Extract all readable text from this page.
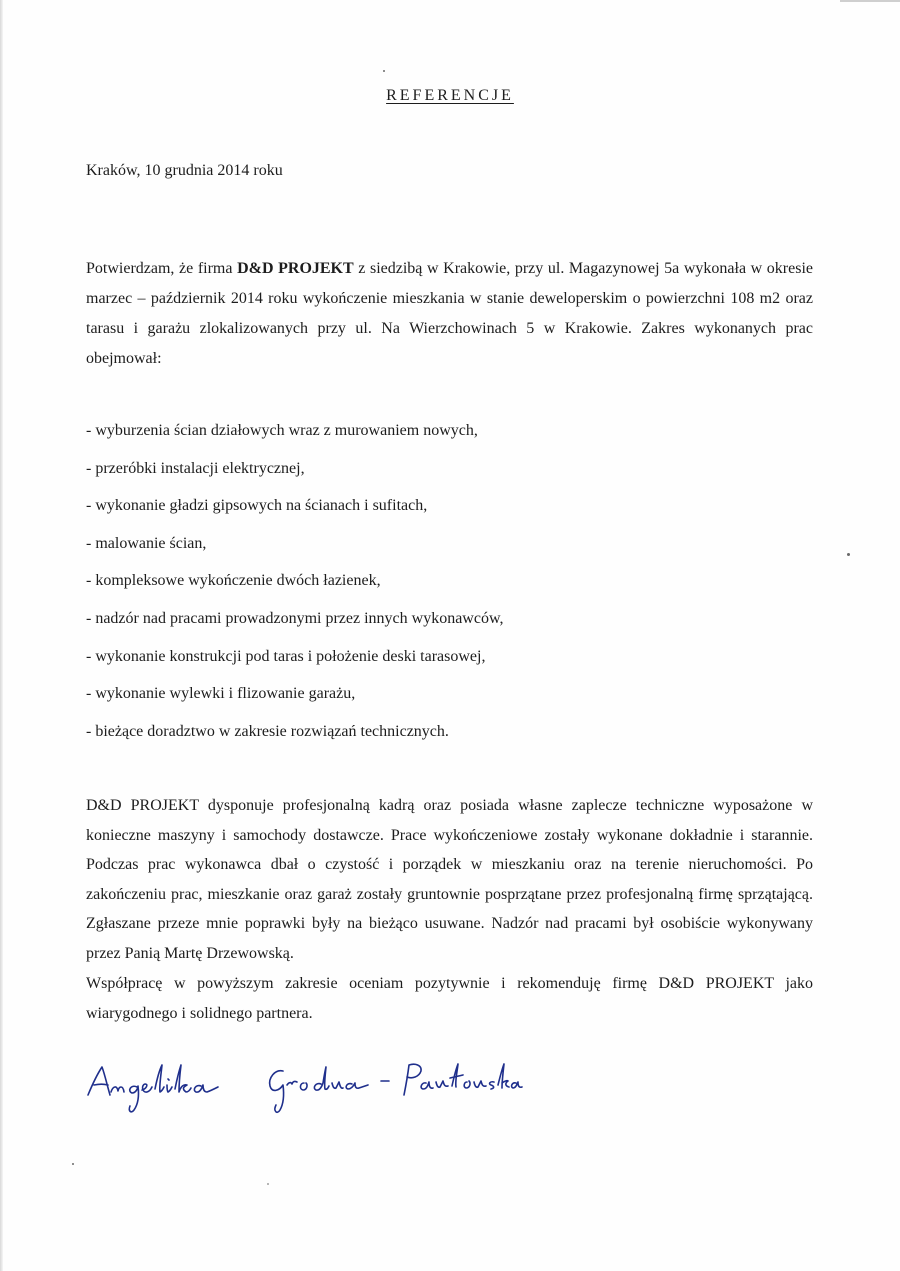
REFERENCJE
Kraków, 10 grudnia 2014 roku

Potwierdzam, że firma D&D PROJEKT z siedzibą w Krakowie, przy ul. Magazynowej 5a wykonała w okresie marzec – październik 2014 roku wykończenie mieszkania w stanie deweloperskim o powierzchni 108 m2 oraz tarasu i garażu zlokalizowanych przy ul. Na Wierzchowinach 5 w Krakowie. Zakres wykonanych prac obejmował:

- wyburzenia ścian działowych wraz z murowaniem nowych,
- przeróbki instalacji elektrycznej,
- wykonanie gładzi gipsowych na ścianach i sufitach,
- malowanie ścian,
- kompleksowe wykończenie dwóch łazienek,
- nadzór nad pracami prowadzonymi przez innych wykonawców,
- wykonanie konstrukcji pod taras i położenie deski tarasowej,
- wykonanie wylewki i flizowanie garażu,
- bieżące doradztwo w zakresie rozwiązań technicznych.

D&D PROJEKT dysponuje profesjonalną kadrą oraz posiada własne zaplecze techniczne wyposażone w konieczne maszyny i samochody dostawcze. Prace wykończeniowe zostały wykonane dokładnie i starannie. Podczas prac wykonawca dbał o czystość i porządek w mieszkaniu oraz na terenie nieruchomości. Po zakończeniu prac, mieszkanie oraz garaż zostały gruntownie posprzątane przez profesjonalną firmę sprzątającą. Zgłaszane przeze mnie poprawki były na bieżąco usuwane. Nadzór nad pracami był osobiście wykonywany przez Panią Martę Drzewowską.

Współpracę w powyższym zakresie oceniam pozytywnie i rekomenduję firmę D&D PROJEKT jako wiarygodnego i solidnego partnera.
